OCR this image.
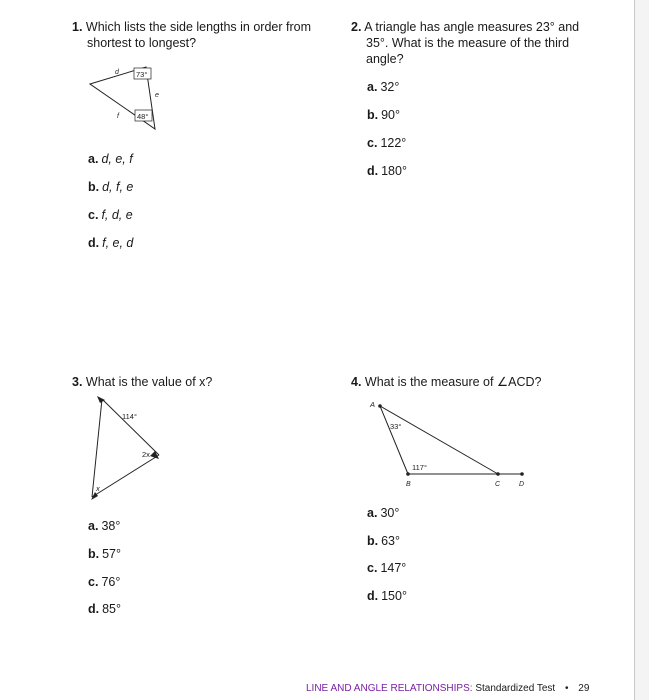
1. Which lists the side lengths in order from
shortest to longest?
d
e
f
73°
48°
a. d, e, f
b. d, f, e
c. f, d, e
d. f, e, d
2. A triangle has angle measures 23° and
35°. What is the measure of the third
angle?
a. 32°
b. 90°
c. 122°
d. 180°
3. What is the value of x?
114°
2x
x
a. 38°
b. 57°
c. 76°
d. 85°
4. What is the measure of ∠ACD?
A
B	C	D
33°
117°
a. 30°
b. 63°
c. 147°
d. 150°
LINE AND ANGLE RELATIONSHIPS: Standardized Test • 29
